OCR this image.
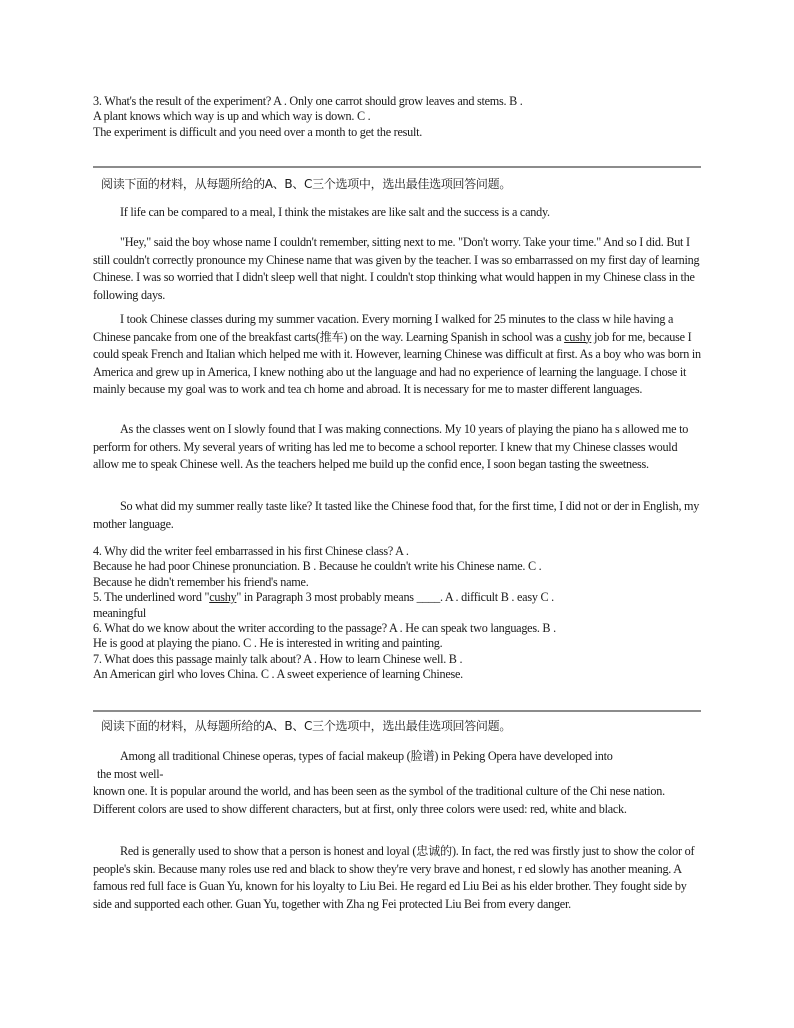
3. What's the result of the experiment? A . Only one carrot should grow leaves and stems. B .
A plant knows which way is up and which way is down. C .
The experiment is difficult and you need over a month to get the result.
阅读下面的材料，从每题所给的A、B、C三个选项中，选出最佳选项回答问题。
If life can be compared to a meal, I think the mistakes are like salt and the success is a candy.
"Hey," said the boy whose name I couldn't remember, sitting next to me. "Don't worry. Take your time." And so I did. But I still couldn't correctly pronounce my Chinese name that was given by the teacher. I was so embarrassed on my first day of learning Chinese. I was so worried that I didn't sleep well that night. I couldn't stop thinking what would happen in my Chinese class in the following days.
I took Chinese classes during my summer vacation. Every morning I walked for 25 minutes to the class w hile having a Chinese pancake from one of the breakfast carts(推车) on the way. Learning Spanish in school was a cushy job for me, because I could speak French and Italian which helped me with it. However, learning Chinese was difficult at first. As a boy who was born in America and grew up in America, I knew nothing abo ut the language and had no experience of learning the language. I chose it mainly because my goal was to work and tea ch home and abroad. It is necessary for me to master different languages.
As the classes went on I slowly found that I was making connections. My 10 years of playing the piano ha s allowed me to perform for others. My several years of writing has led me to become a school reporter. I knew that my Chinese classes would allow me to speak Chinese well. As the teachers helped me build up the confid ence, I soon began tasting the sweetness.
So what did my summer really taste like? It tasted like the Chinese food that, for the first time, I did not or der in English, my mother language.
4. Why did the writer feel embarrassed in his first Chinese class? A .
Because he had poor Chinese pronunciation. B . Because he couldn't write his Chinese name. C .
Because he didn't remember his friend's name.
5. The underlined word "cushy" in Paragraph 3 most probably means ____. A . difficult B . easy C .
meaningful
6. What do we know about the writer according to the passage? A . He can speak two languages. B .
He is good at playing the piano. C . He is interested in writing and painting.
7. What does this passage mainly talk about? A . How to learn Chinese well. B .
An American girl who loves China. C . A sweet experience of learning Chinese.
阅读下面的材料，从每题所给的A、B、C三个选项中，选出最佳选项回答问题。
Among all traditional Chinese operas, types of facial makeup (脸谱) in Peking Opera have developed into
the most well-
known one. It is popular around the world, and has been seen as the symbol of the traditional culture of the Chi nese nation. Different colors are used to show different characters, but at first, only three colors were used: red, white and black.
Red is generally used to show that a person is honest and loyal (忠诚的). In fact, the red was firstly just to show the color of people's skin. Because many roles use red and black to show they're very brave and honest, r ed slowly has another meaning. A famous red full face is Guan Yu, known for his loyalty to Liu Bei. He regard ed Liu Bei as his elder brother. They fought side by side and supported each other. Guan Yu, together with Zha ng Fei protected Liu Bei from every danger.
